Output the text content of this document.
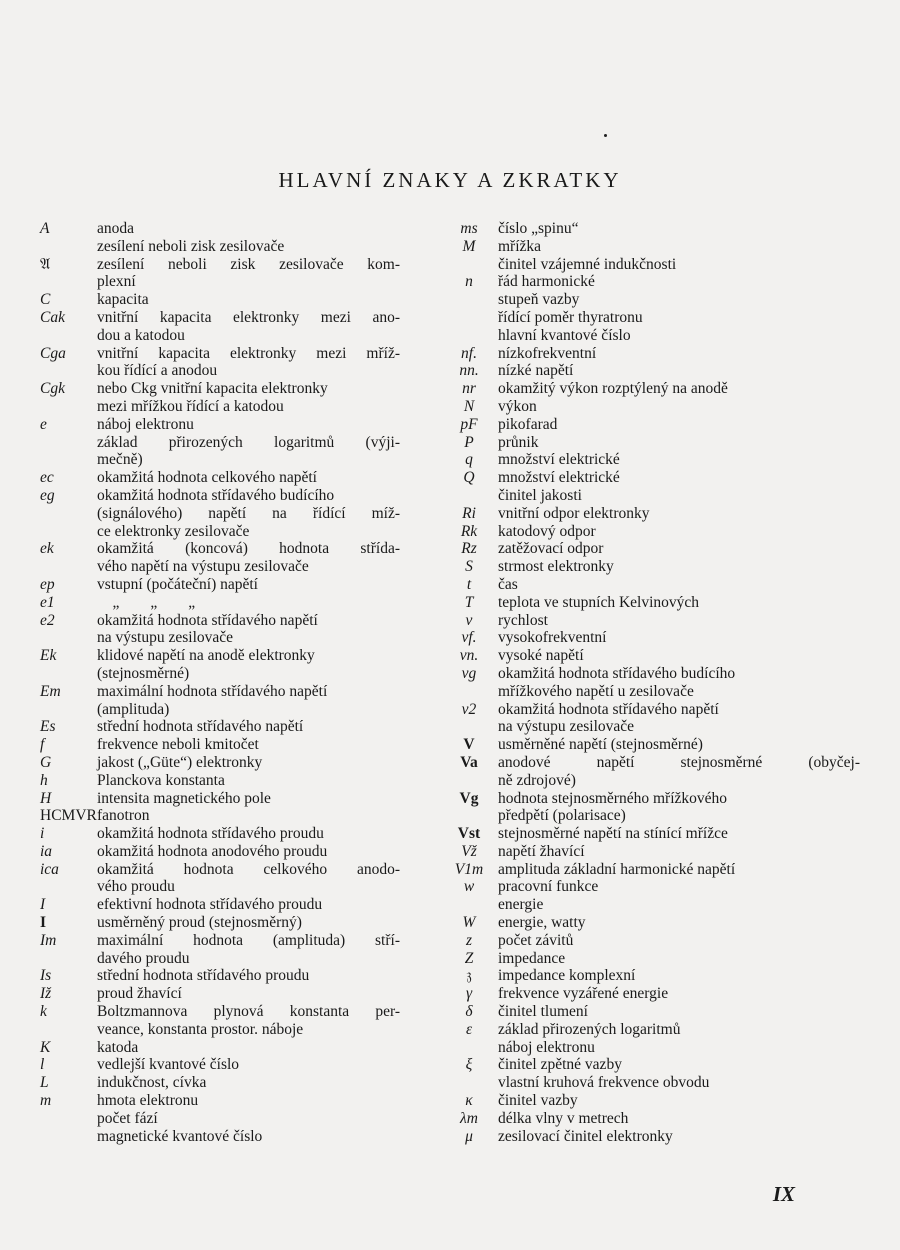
HLAVNÍ ZNAKY A ZKRATKY
A	anoda
zesílení neboli zisk zesilovače
𝔄	zesílení neboli zisk zesilovače kom-
plexní
C	kapacita
Cak	vnitřní kapacita elektronky mezi ano-
dou a katodou
Cga	vnitřní kapacita elektronky mezi mříž-
kou řídící a anodou
Cgk	nebo Ckg vnitřní kapacita elektronky
mezi mřížkou řídící a katodou
e	náboj elektronu
základ přirozených logaritmů (výji-
mečně)
ec	okamžitá hodnota celkového napětí
eg	okamžitá hodnota střídavého budícího
(signálového) napětí na řídící míž-
ce elektronky zesilovače
ek	okamžitá (koncová) hodnota střída-
vého napětí na výstupu zesilovače
ep	vstupní (počáteční) napětí
e1	„        „        „
e2	okamžitá hodnota střídavého napětí
na výstupu zesilovače
Ek	klidové napětí na anodě elektronky
(stejnosměrné)
Em	maximální hodnota střídavého napětí
(amplituda)
Es	střední hodnota střídavého napětí
f	frekvence neboli kmitočet
G	jakost („Güte“) elektronky
h	Planckova konstanta
H	intensita magnetického pole
HCMVR fanotron
i	okamžitá hodnota střídavého proudu
ia	okamžitá hodnota anodového proudu
ica	okamžitá hodnota celkového anodo-
vého proudu
I	efektivní hodnota střídavého proudu
I	usměrněný proud (stejnosměrný)
Im	maximální hodnota (amplituda) stří-
davého proudu
Is	střední hodnota střídavého proudu
Iž	proud žhavící
k	Boltzmannova plynová konstanta per-
veance, konstanta prostor. náboje
K	katoda
l	vedlejší kvantové číslo
L	indukčnost, cívka
m	hmota elektronu
počet fází
magnetické kvantové číslo
ms	číslo „spinu“
M	mřížka
činitel vzájemné indukčnosti
n	řád harmonické
stupeň vazby
řídící poměr thyratronu
hlavní kvantové číslo
nf.	nízkofrekventní
nn.	nízké napětí
nr	okamžitý výkon rozptýlený na anodě
N	výkon
pF	pikofarad
P	průnik
q	množství elektrické
Q	množství elektrické
činitel jakosti
Ri	vnitřní odpor elektronky
Rk	katodový odpor
Rz	zatěžovací odpor
S	strmost elektronky
t	čas
T	teplota ve stupních Kelvinových
v	rychlost
vf.	vysokofrekventní
vn.	vysoké napětí
vg	okamžitá hodnota střídavého budícího
mřížkového napětí u zesilovače
v2	okamžitá hodnota střídavého napětí
na výstupu zesilovače
V	usměrněné napětí (stejnosměrné)
Va	anodové napětí stejnosměrné (obyčej-
ně zdrojové)
Vg	hodnota stejnosměrného mřížkového
předpětí (polarisace)
Vst	stejnosměrné napětí na stínící mřížce
Vž	napětí žhavící
V1m amplituda základní harmonické napětí
w	pracovní funkce
energie
W	energie, watty
z	počet závitů
Z	impedance
𝔷	impedance komplexní
γ	frekvence vyzářené energie
δ	činitel tlumení
ε	základ přirozených logaritmů
náboj elektronu
ξ	činitel zpětné vazby
vlastní kruhová frekvence obvodu
κ	činitel vazby
λm	délka vlny v metrech
μ	zesilovací činitel elektronky
IX
